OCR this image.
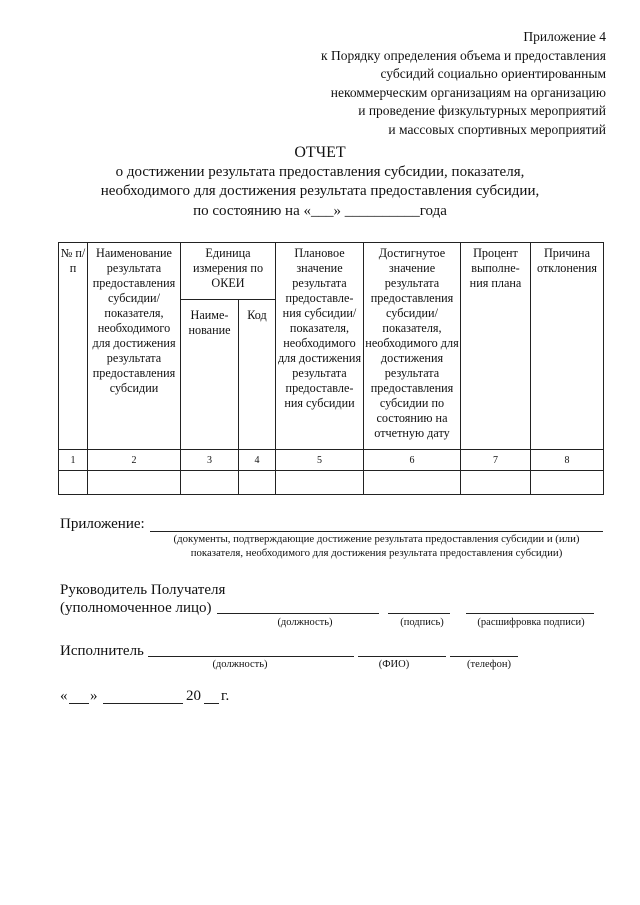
Приложение 4
к Порядку определения объема и предоставления
субсидий социально ориентированным
некоммерческим организациям на организацию
и проведение физкультурных мероприятий
и массовых спортивных мероприятий
ОТЧЕТ
о достижении результата предоставления субсидии, показателя,
необходимого для достижения результата предоставления субсидии,
по состоянию на «___» __________года
№ п/п	Наименование результата предоставления субсидии/ показателя, необходимого для достижения результата предоставления субсидии	Единица измерения по ОКЕИ		Плановое значение результата предоставле-ния субсидии/ показателя, необходимого для достижения результата предоставле-ния субсидии	Достигнутое значение результата предоставления субсидии/ показателя, необходимого для достижения результата предоставления субсидии по состоянию на отчетную дату	Процент выполне-ния плана	Причина отклонения
		Наиме-нование	Код				
1	2	3	4	5	6	7	8

Приложение:
(документы, подтверждающие достижение результата предоставления субсидии и (или)
показателя, необходимого для достижения результата предоставления субсидии)
Руководитель Получателя
(уполномоченное лицо)
(должность)	(подпись)	(расшифровка подписи)
Исполнитель
(должность)	(ФИО)	(телефон)
« »	20 г.
